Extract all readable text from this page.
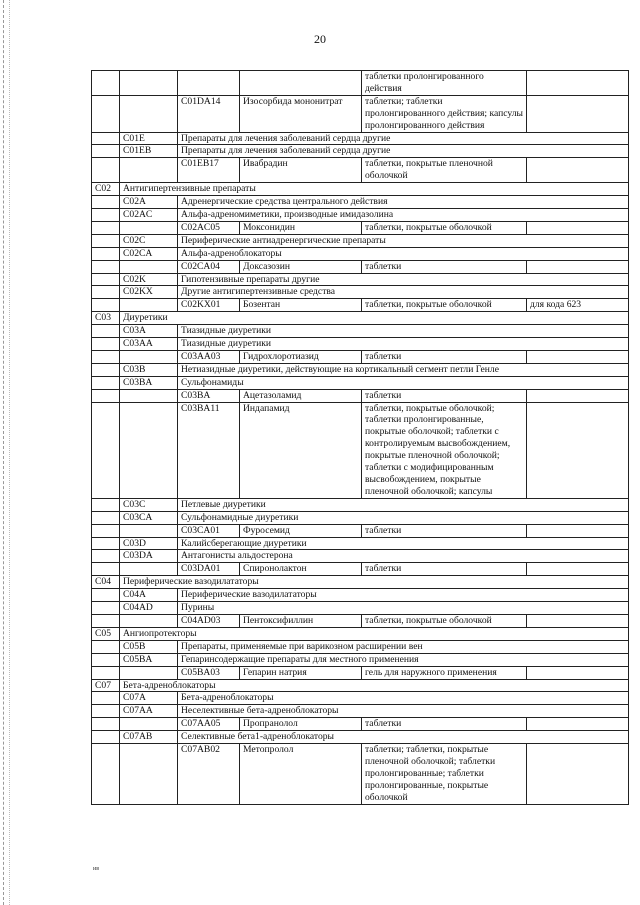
20
				таблетки пролонгированного действия	
		C01DA14	Изосорбида мононитрат	таблетки; таблетки пролонгированного действия; капсулы пролонгированного действия	
	C01E	Препараты для лечения заболеваний сердца другие			
	C01EB	Препараты для лечения заболеваний сердца другие			
		C01EB17	Ивабрадин	таблетки, покрытые пленочной оболочкой	
C02	Антигипертензивные препараты				
	C02A	Адренергические средства центрального действия			
	C02AC	Альфа-адреномиметики, производные имидазолина			
		C02AC05	Моксонидин	таблетки, покрытые оболочкой	
	C02C	Периферические антиадренергические препараты			
	C02CA	Альфа-адреноблокаторы			
		C02CA04	Доксазозин	таблетки	
	C02K	Гипотензивные препараты другие			
	C02KX	Другие антигипертензивные средства			
		C02KX01	Бозентан	таблетки, покрытые оболочкой	для кода 623
C03	Диуретики				
	C03A	Тиазидные диуретики			
	C03AA	Тиазидные диуретики			
		C03AA03	Гидрохлоротиазид	таблетки	
	C03B	Нетиазидные диуретики, действующие на кортикальный сегмент петли Генле			
	C03BA	Сульфонамиды			
		C03BA	Ацетазоламид	таблетки	
		C03BA11	Индапамид	таблетки, покрытые оболочкой; таблетки пролонгированные, покрытые оболочкой; таблетки с контролируемым высвобождением, покрытые пленочной оболочкой; таблетки с модифицированным высвобождением, покрытые пленочной оболочкой; капсулы	
	C03C	Петлевые диуретики			
	C03CA	Сульфонамидные диуретики			
		C03CA01	Фуросемид	таблетки	
	C03D	Калийсберегающие диуретики			
	C03DA	Антагонисты альдостерона			
		C03DA01	Спиронолактон	таблетки	
C04	Периферические вазодилататоры				
	C04A	Периферические вазодилататоры			
	C04AD	Пурины			
		C04AD03	Пентоксифиллин	таблетки, покрытые оболочкой	
C05	Ангиопротекторы				
	C05B	Препараты, применяемые при варикозном расширении вен			
	C05BA	Гепаринсодержащие препараты для местного применения			
		C05BA03	Гепарин натрия	гель для наружного применения	
C07	Бета-адреноблокаторы				
	C07A	Бета-адреноблокаторы			
	C07AA	Неселективные бета-адреноблокаторы			
		C07AA05	Пропранолол	таблетки	
	C07AB	Селективные бета1-адреноблокаторы			
		C07AB02	Метопролол	таблетки; таблетки, покрытые пленочной оболочкой; таблетки пролонгированные; таблетки пролонгированные, покрытые оболочкой	
ив
